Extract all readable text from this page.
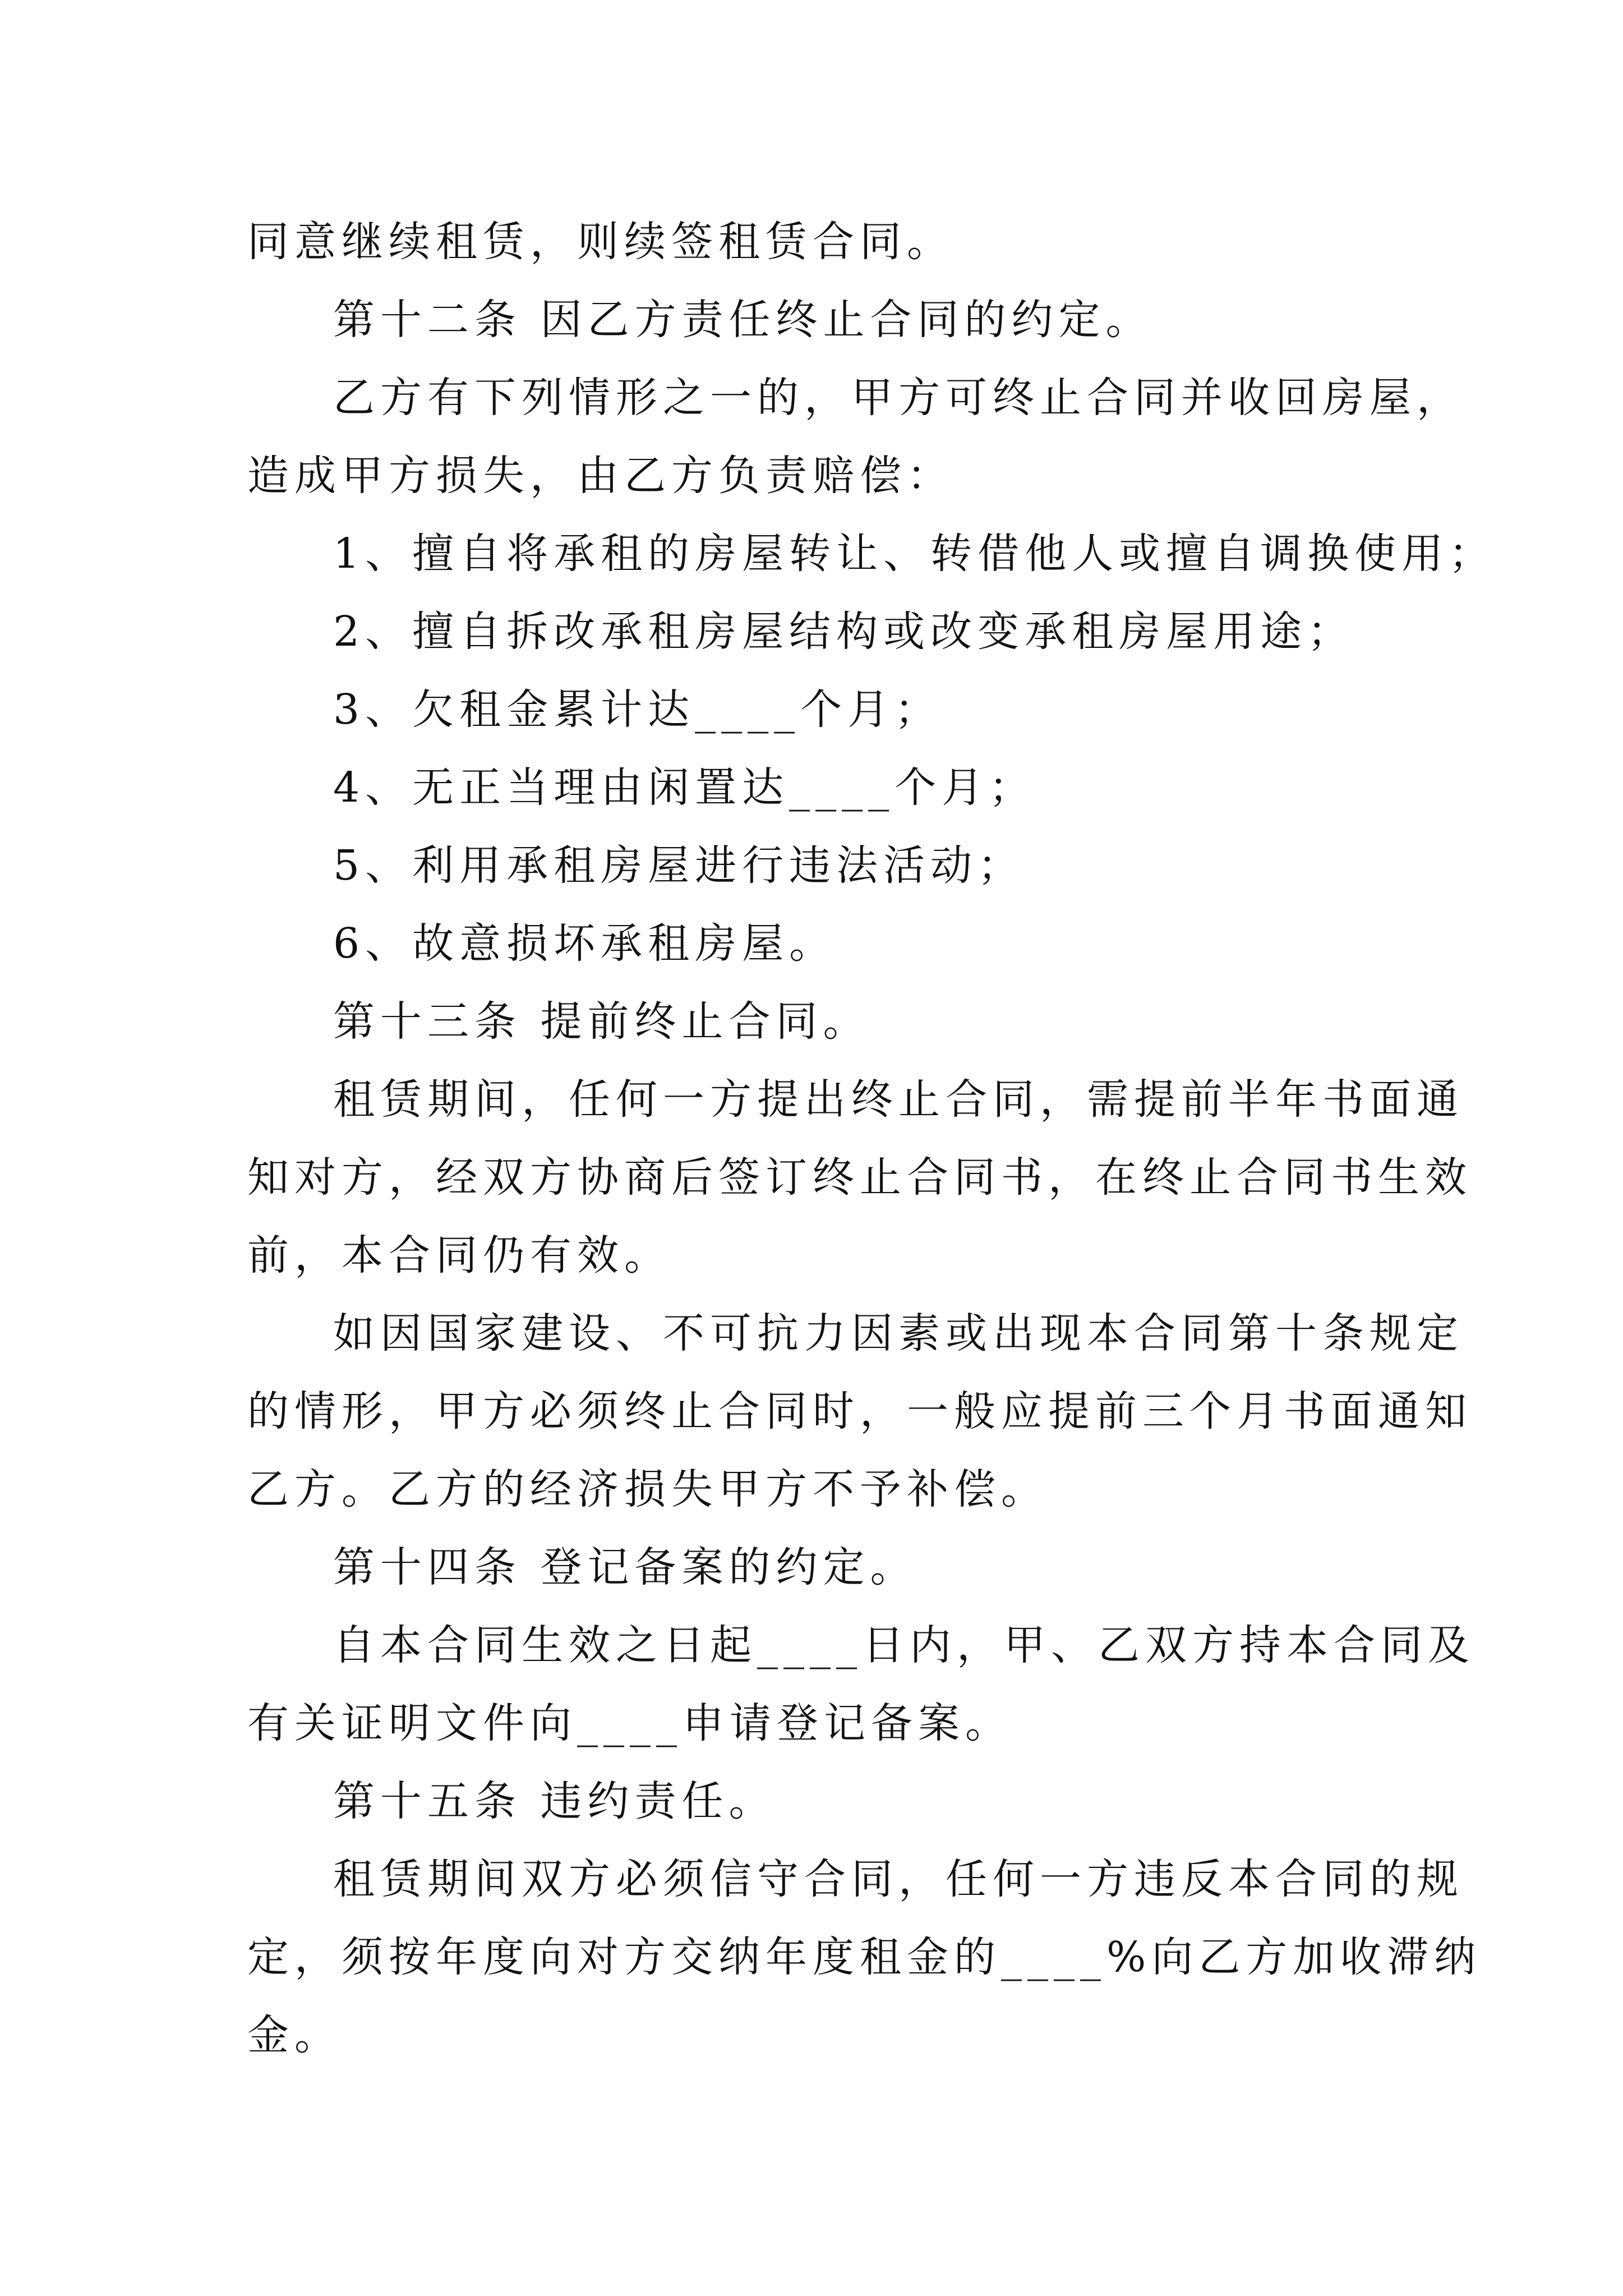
同意继续租赁，则续签租赁合同。

第十二条 因乙方责任终止合同的约定。

乙方有下列情形之一的，甲方可终止合同并收回房屋，

造成甲方损失，由乙方负责赔偿：

1、擅自将承租的房屋转让、转借他人或擅自调换使用；

2、擅自拆改承租房屋结构或改变承租房屋用途；

3、欠租金累计达____个月；

4、无正当理由闲置达____个月；

5、利用承租房屋进行违法活动；

6、故意损坏承租房屋。

第十三条 提前终止合同。

租赁期间，任何一方提出终止合同，需提前半年书面通

知对方，经双方协商后签订终止合同书，在终止合同书生效

前，本合同仍有效。

如因国家建设、不可抗力因素或出现本合同第十条规定

的情形，甲方必须终止合同时，一般应提前三个月书面通知

乙方。乙方的经济损失甲方不予补偿。

第十四条 登记备案的约定。

自本合同生效之日起____日内，甲、乙双方持本合同及

有关证明文件向____申请登记备案。

第十五条 违约责任。

租赁期间双方必须信守合同，任何一方违反本合同的规

定，须按年度向对方交纳年度租金的____%向乙方加收滞纳

金。
